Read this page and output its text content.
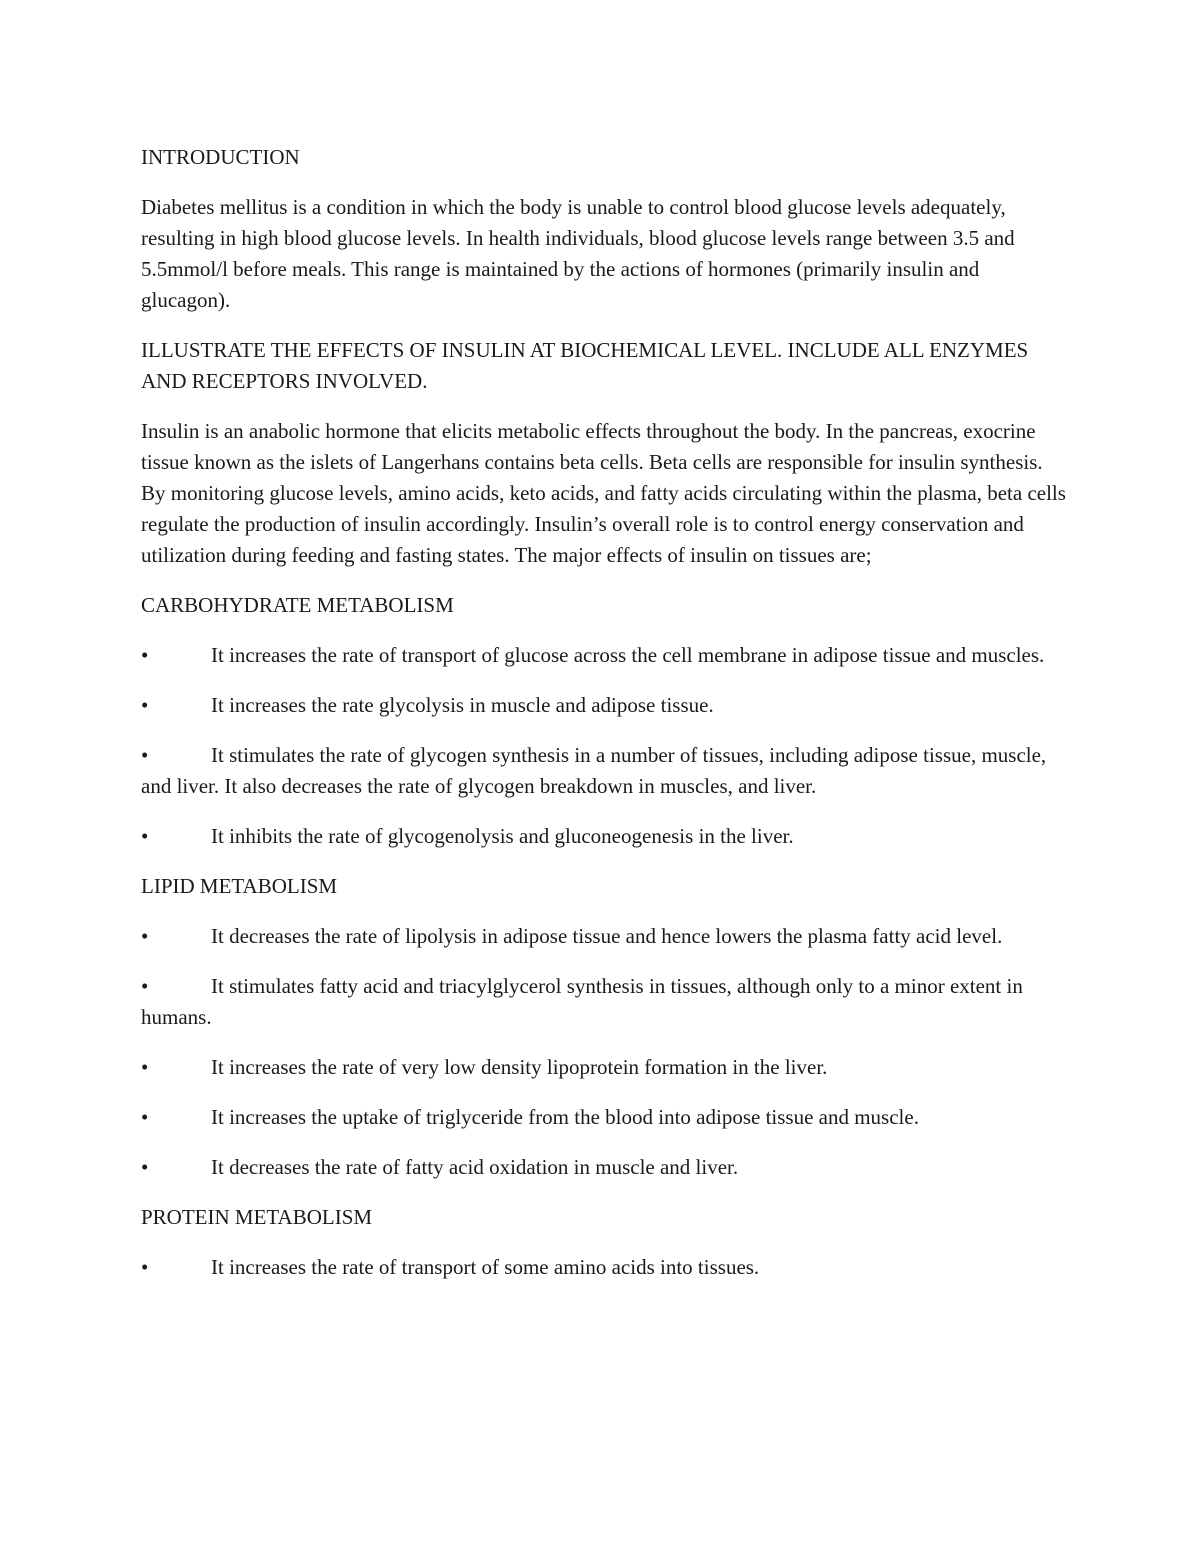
INTRODUCTION

Diabetes mellitus is a condition in which the body is unable to control blood glucose levels adequately, resulting in high blood glucose levels. In health individuals, blood glucose levels range between 3.5 and 5.5mmol/l before meals. This range is maintained by the actions of hormones (primarily insulin and glucagon).

ILLUSTRATE THE EFFECTS OF INSULIN AT BIOCHEMICAL LEVEL. INCLUDE ALL ENZYMES AND RECEPTORS INVOLVED.

Insulin is an anabolic hormone that elicits metabolic effects throughout the body. In the pancreas, exocrine tissue known as the islets of Langerhans contains beta cells. Beta cells are responsible for insulin synthesis. By monitoring glucose levels, amino acids, keto acids, and fatty acids circulating within the plasma, beta cells regulate the production of insulin accordingly. Insulin’s overall role is to control energy conservation and utilization during feeding and fasting states. The major effects of insulin on tissues are;

CARBOHYDRATE METABOLISM

•	It increases the rate of transport of glucose across the cell membrane in adipose tissue and muscles.

•	It increases the rate glycolysis in muscle and adipose tissue.

•	It stimulates the rate of glycogen synthesis in a number of tissues, including adipose tissue, muscle, and liver. It also decreases the rate of glycogen breakdown in muscles, and liver.

•	It inhibits the rate of glycogenolysis and gluconeogenesis in the liver.

LIPID METABOLISM

•	It decreases the rate of lipolysis in adipose tissue and hence lowers the plasma fatty acid level.

•	It stimulates fatty acid and triacylglycerol synthesis in tissues, although only to a minor extent in humans.

•	It increases the rate of very low density lipoprotein formation in the liver.

•	It increases the uptake of triglyceride from the blood into adipose tissue and muscle.

•	It decreases the rate of fatty acid oxidation in muscle and liver.

PROTEIN METABOLISM

•	It increases the rate of transport of some amino acids into tissues.
